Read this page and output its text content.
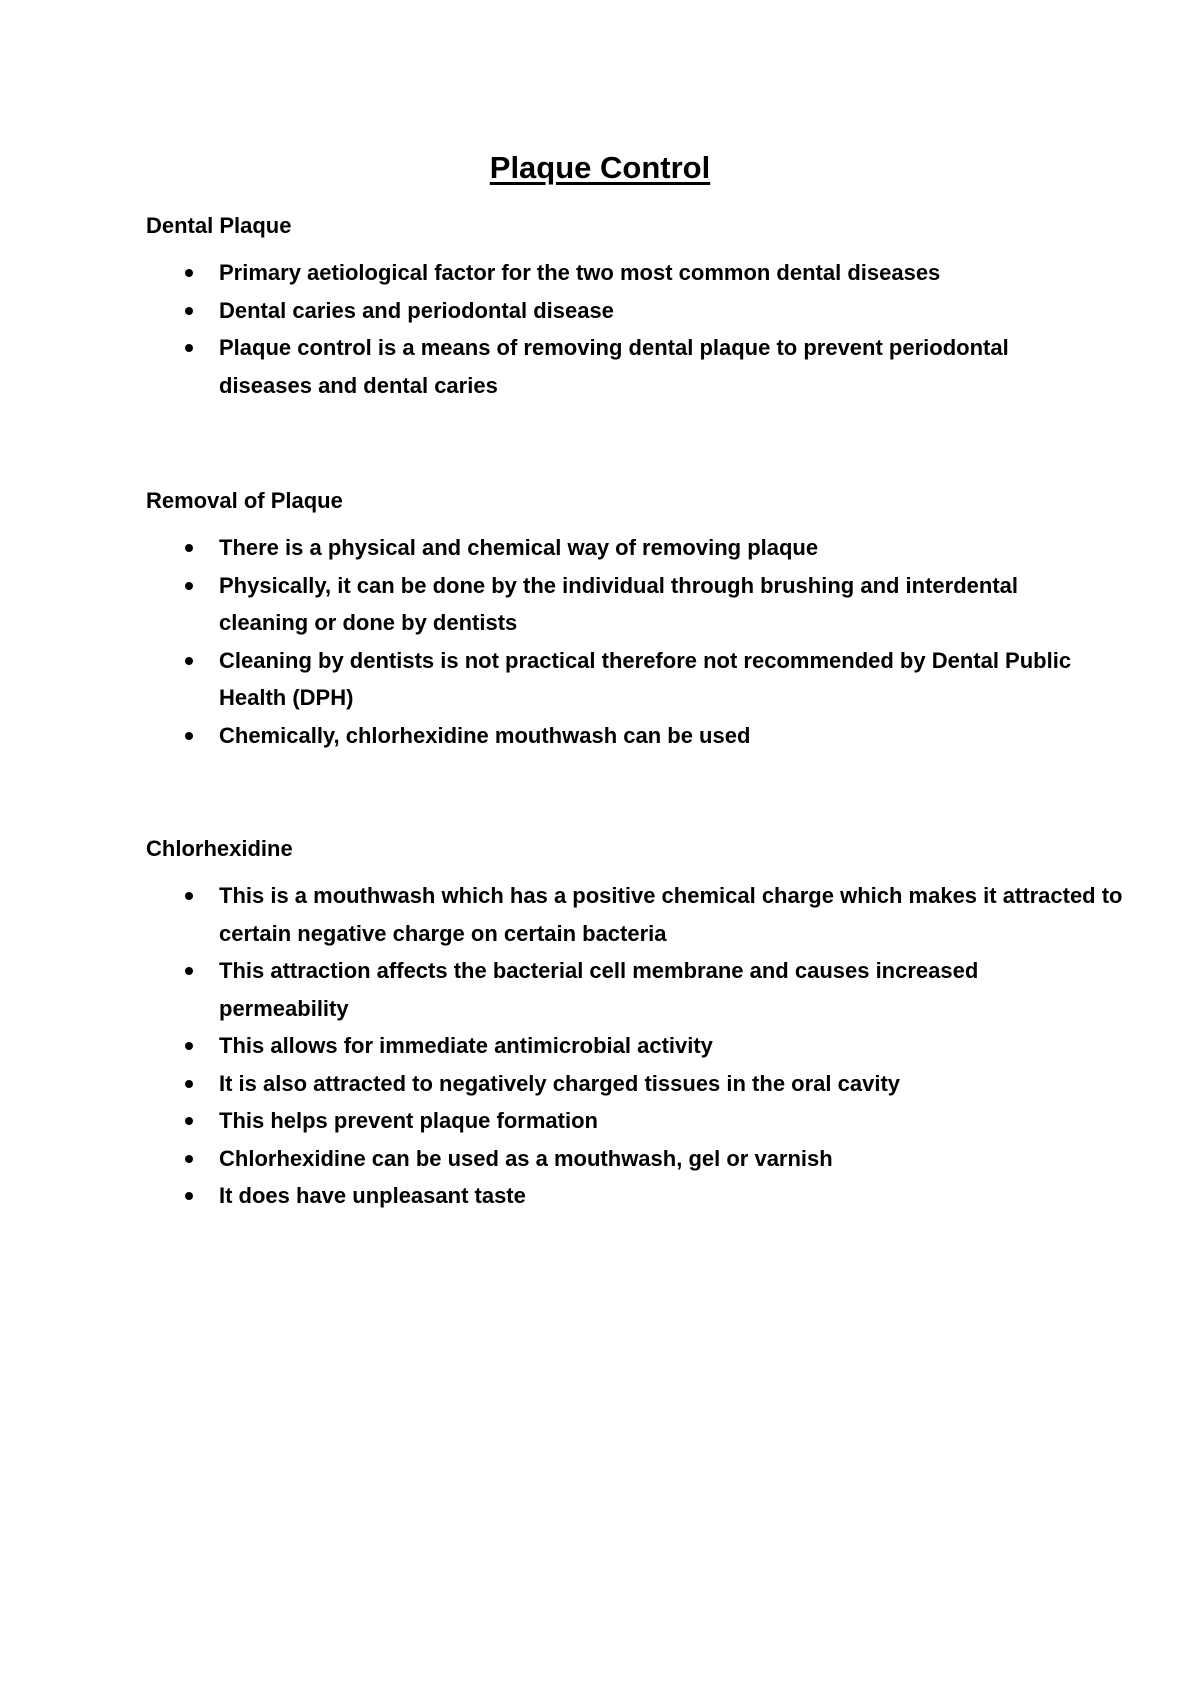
Plaque Control
Dental Plaque
Primary aetiological factor for the two most common dental diseases
Dental caries and periodontal disease
Plaque control is a means of removing dental plaque to prevent periodontal diseases and dental caries
Removal of Plaque
There is a physical and chemical way of removing plaque
Physically, it can be done by the individual through brushing and interdental cleaning or done by dentists
Cleaning by dentists is not practical therefore not recommended by Dental Public Health (DPH)
Chemically, chlorhexidine mouthwash can be used
Chlorhexidine
This is a mouthwash which has a positive chemical charge which makes it attracted to certain negative charge on certain bacteria
This attraction affects the bacterial cell membrane and causes increased permeability
This allows for immediate antimicrobial activity
It is also attracted to negatively charged tissues in the oral cavity
This helps prevent plaque formation
Chlorhexidine can be used as a mouthwash, gel or varnish
It does have unpleasant taste
